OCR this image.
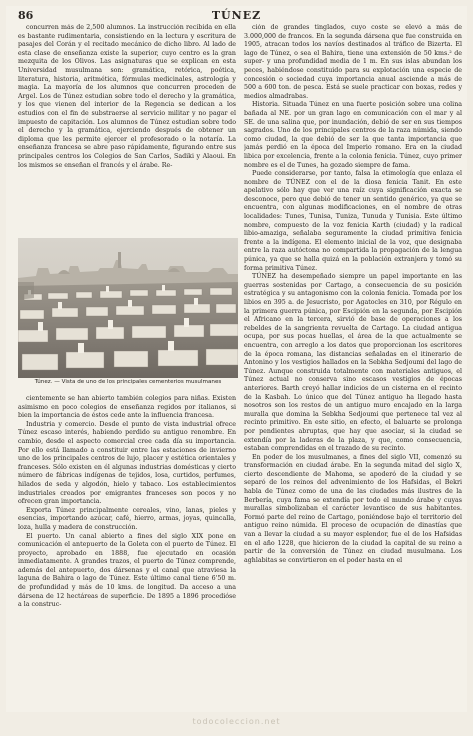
86	TÚNEZ

concurren más de 2,500 alumnos. La instrucción recibida en ella es bastante rudimentaria, consistiendo en la lectura y escritura de pasajes del Corán y el recitado mecánico de dicho libro. Al lado de esta clase de enseñanza existe la superior, cuyo centro es la gran mezquita de los Olivos. Las asignaturas que se explican en esta Universidad musulmana son: gramática, retórica, poética, literatura, historia, aritmética, fórmulas medicinales, astrología y magia. La mayoría de los alumnos que concurren proceden de Argel. Los de Túnez estudian sobre todo el derecho y la gramática, y los que vienen del interior de la Regencia se dedican a los estudios con el fin de substraerse al servicio militar y no pagar el impuesto de capitación. Los alumnos de Túnez estudian sobre todo el derecho y la gramática, ejerciendo después de obtener un diploma que les permite ejercer el profesorado o la notaría. La enseñanza francesa se abre paso rápidamente, figurando entre sus principales centros los Colegios de San Carlos, Sadiki y Alaoui. En los mismos se enseñan el francés y el árabe. Re-

Túnez. — Vista de uno de los principales cementerios musulmanes

cientemente se han abierto también colegios para niñas. Existen asimismo en poco colegios de enseñanza regidos por italianos, si bien la importancia de éstos cede ante la influencia francesa.

Industria y comercio. Desde el punto de vista industrial ofrece Túnez escaso interés, habiendo perdido su antiguo renombre. En cambio, desde el aspecto comercial cree cada día su importancia. Por ello está llamado a constituir entre las estaciones de invierno uno de los principales centros de lujo, placer y estética orientales y franceses. Sólo existen en él algunas industrias domésticas y cierto número de fábricas indígenas de tejidos, losa, curtidos, perfumes, hilados de seda y algodón, hielo y tabaco. Los establecimientos industriales creados por emigrantes franceses son pocos y no ofrecen gran importancia.

Exporta Túnez principalmente cereales, vino, lanas, pieles y esencias, importando azúcar, café, hierro, armas, joyas, quincalla, loza, hulla y madera de construcción.

El puerto. Un canal abierto a fines del siglo XIX pone en comunicación el antepuerto de la Goleta con el puerto de Túnez. El proyecto, aprobado en 1888, fue ejecutado en ocasión inmediatamente. A grandes trazos, el puerto de Túnez comprende, además del antepuerto, dos dársenas y el canal que atraviesa la laguna de Bahira o lago de Túnez. Este último canal tiene 6'50 m. de profundidad y más de 10 kms. de longitud. Da acceso a una dársena de 12 hectáreas de superficie. De 1895 a 1896 procedióse a la construc-

ción de grandes tinglados, cuyo coste se elevó a más de 3.000,000 de francos. En la segunda dársena que fue construida en 1905, atracan todos los navíos destinados al tráfico de Bizerta. El lago de Túnez, o sea el Bahira, tiene una extensión de 50 kms.² de super- y una profundidad media de 1 m. En sus islas abundan los peces, habiéndose constituido para su explotación una especie de concesión o sociedad cuya importancia anual asciende a más de 500 a 600 ton. de pesca. Está se suele practicar con boxas, redes y medios almadrabas.

Historia. Situada Túnez en una fuerte posición sobre una colina bañada al NE. por un gran lago en comunicación con el mar y al SE. de una salina que, por inundación, debió de ser en sus tiempos sagrados. Uno de los principales centros de la raza númida, siendo como ciudad, la que debió de ser la que tanta importancia que jamás perdió en la época del Imperio romano. Era en la ciudad libica por excelencia, frente a la colonia fenicia. Túnez, cuyo primer nombre es el de Tunes, ha gozado siempre de fama.

Puede considerarse, por tanto, falsa la etimología que enlaza el nombre de TÚNEZ con el de la diosa fenicia Tanit. En este apelativo sólo hay que ver una raíz cuya significación exacta se desconoce, pero que debió de tener un sentido genérico, ya que se encuentra, con algunas modificaciones, en el nombre de otras localidades: Tunes, Tunisa, Tuniza, Tunuda y Tunisia. Este último nombre, compuesto de la voz fenicia Karth (ciudad) y la radical libio-amaziga, señalaba seguramente la ciudad primitiva fenicia frente a la indígena. El elemento inicial de la voz, que designaba entre la raza autóctona no compartida la propagación de la lengua púnica, ya que se halla quizá en la población extranjera y tomó su forma primitiva Túnez.

TÚNEZ ha desempeñado siempre un papel importante en las guerras sostenidas por Cartago, a consecuencia de su posición estratégica y su antagonismo con la colonia fenicia. Tomada por los libios en 395 a. de Jesucristo, por Agatocles en 310, por Régulo en la primera guerra púnica, por Escipión en la segunda, por Escipión el Africano en la tercera, sirvió de base de operaciones a los rebeldes de la sangrienta revuelta de Cartago. La ciudad antigua ocupa, por sus pocas huellas, el área de la que actualmente se encuentra, con arreglo a los datos que proporcionan los escritores de la época romana, las distancias señaladas en el itinerario de Antonino y los vestigios hallados en la Sebkha Sedjoumi del lago de Túnez. Aunque construida totalmente con materiales antiguos, el Túnez actual no conserva sino escasos vestigios de épocas anteriores. Barth creyó hallar indicios de un cisterna en el recinto de la Kasbah. Lo único que del Túnez antiguo ha llegado hasta nosotros son los restos de un antiguo muro encajado en la larga muralla que domina la Sebkha Sedjoumi que pertenece tal vez al recinto primitivo. En este sitio, en efecto, el baluarte se prolonga por pendientes abruptas, que hay que asociar, si la ciudad se extendía por la laderas de la plaza, y que, como consecuencia, estaban comprendidas en el trazado de su recinto.

En poder de los musulmanes, a fines del siglo VII, comenzó su transformación en ciudad árabe. En la segunda mitad del siglo X, cierto descendiente de Mahoma, se apoderó de la ciudad y se separó de los reinos del advenimiento de los Hafsidas, el Bekri habla de Túnez como de una de las ciudades más ilustres de la Berbería, cuya fama se extendía por todo el mundo árabe y cuyas murallas simbolizaban el carácter levantisco de sus habitantes. Formó parte del reino de Cartago, poniéndose bajo el territorio del antiguo reino númida. El proceso de ocupación de dinastías que van a llevar la ciudad a su mayor esplendor, fue el de los Hafsidas en el año 1228, que hicieron de la ciudad la capital de su reino a partir de la conversión de Túnez en ciudad musulmana. Los aghlabitas se convirtieron en el poder hasta en el

todocoleccion.net
